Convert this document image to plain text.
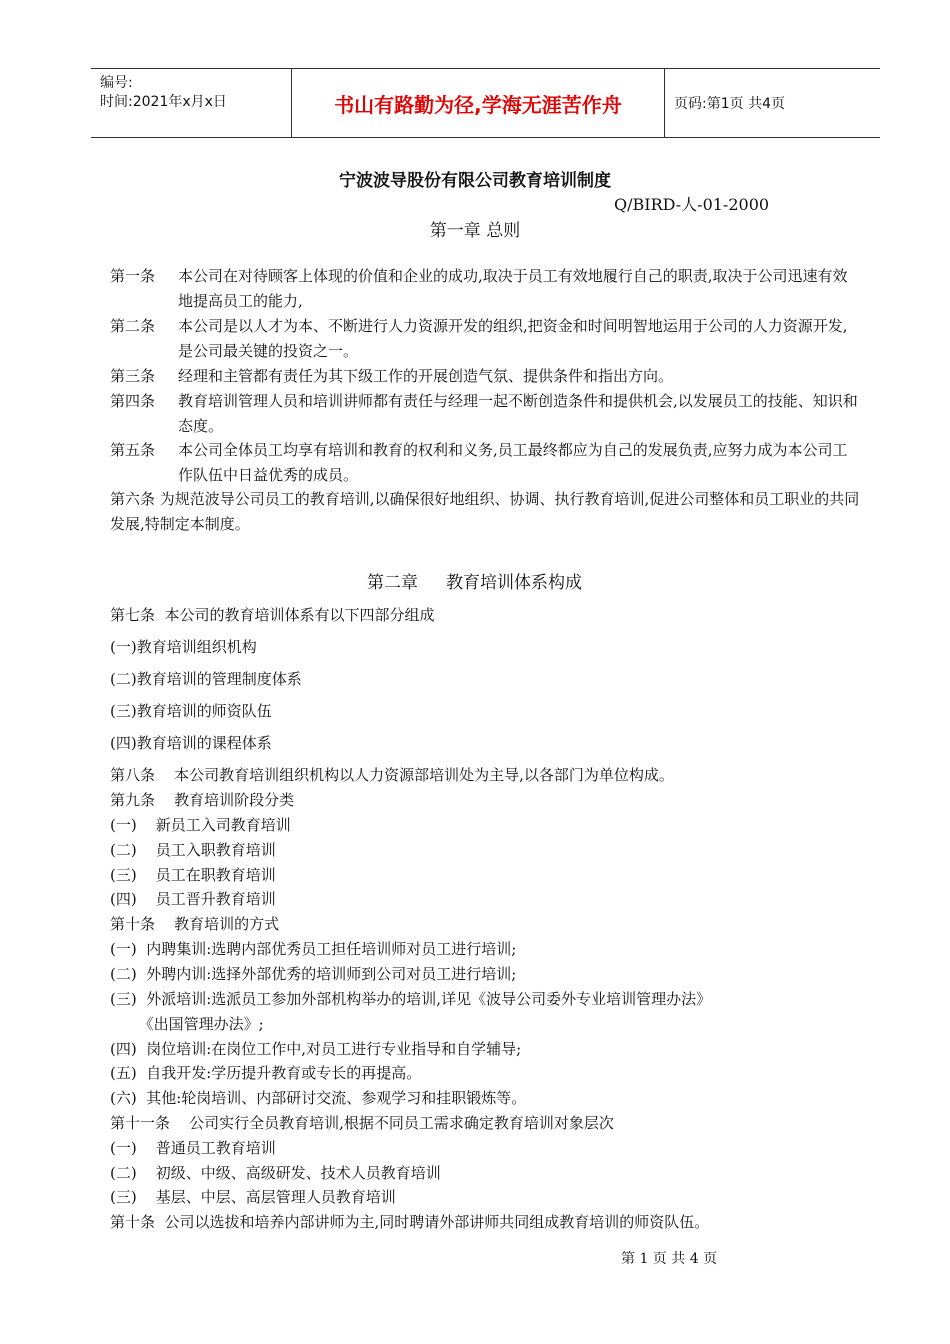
编号:
时间:2021年x月x日	书山有路勤为径,学海无涯苦作舟	页码:第1页 共4页
宁波波导股份有限公司教育培训制度
Q/BIRD-人-01-2000
第一章 总则
第一条	本公司在对待顾客上体现的价值和企业的成功,取决于员工有效地履行自己的职责,取决于公司迅速有效地提高员工的能力,
第二条	本公司是以人才为本、不断进行人力资源开发的组织,把资金和时间明智地运用于公司的人力资源开发,是公司最关键的投资之一。
第三条	经理和主管都有责任为其下级工作的开展创造气氛、提供条件和指出方向。
第四条	教育培训管理人员和培训讲师都有责任与经理一起不断创造条件和提供机会,以发展员工的技能、知识和态度。
第五条	本公司全体员工均享有培训和教育的权利和义务,员工最终都应为自己的发展负责,应努力成为本公司工作队伍中日益优秀的成员。
第六条 为规范波导公司员工的教育培训,以确保很好地组织、协调、执行教育培训,促进公司整体和员工职业的共同发展,特制定本制度。
第二章 教育培训体系构成
第七条  本公司的教育培训体系有以下四部分组成
(一)教育培训组织机构
(二)教育培训的管理制度体系
(三)教育培训的师资队伍
(四)教育培训的课程体系
第八条    本公司教育培训组织机构以人力资源部培训处为主导,以各部门为单位构成。
第九条    教育培训阶段分类
(一)    新员工入司教育培训
(二)    员工入职教育培训
(三)    员工在职教育培训
(四)    员工晋升教育培训
第十条    教育培训的方式
(一)  内聘集训:选聘内部优秀员工担任培训师对员工进行培训;
(二)  外聘内训:选择外部优秀的培训师到公司对员工进行培训;
(三)  外派培训:选派员工参加外部机构举办的培训,详见《波导公司委外专业培训管理办法》
《出国管理办法》;
(四)  岗位培训:在岗位工作中,对员工进行专业指导和自学辅导;
(五)  自我开发:学历提升教育或专长的再提高。
(六)  其他:轮岗培训、内部研讨交流、参观学习和挂职锻炼等。
第十一条    公司实行全员教育培训,根据不同员工需求确定教育培训对象层次
(一)    普通员工教育培训
(二)    初级、中级、高级研发、技术人员教育培训
(三)    基层、中层、高层管理人员教育培训
第十条  公司以选拔和培养内部讲师为主,同时聘请外部讲师共同组成教育培训的师资队伍。
第 1 页 共 4 页
